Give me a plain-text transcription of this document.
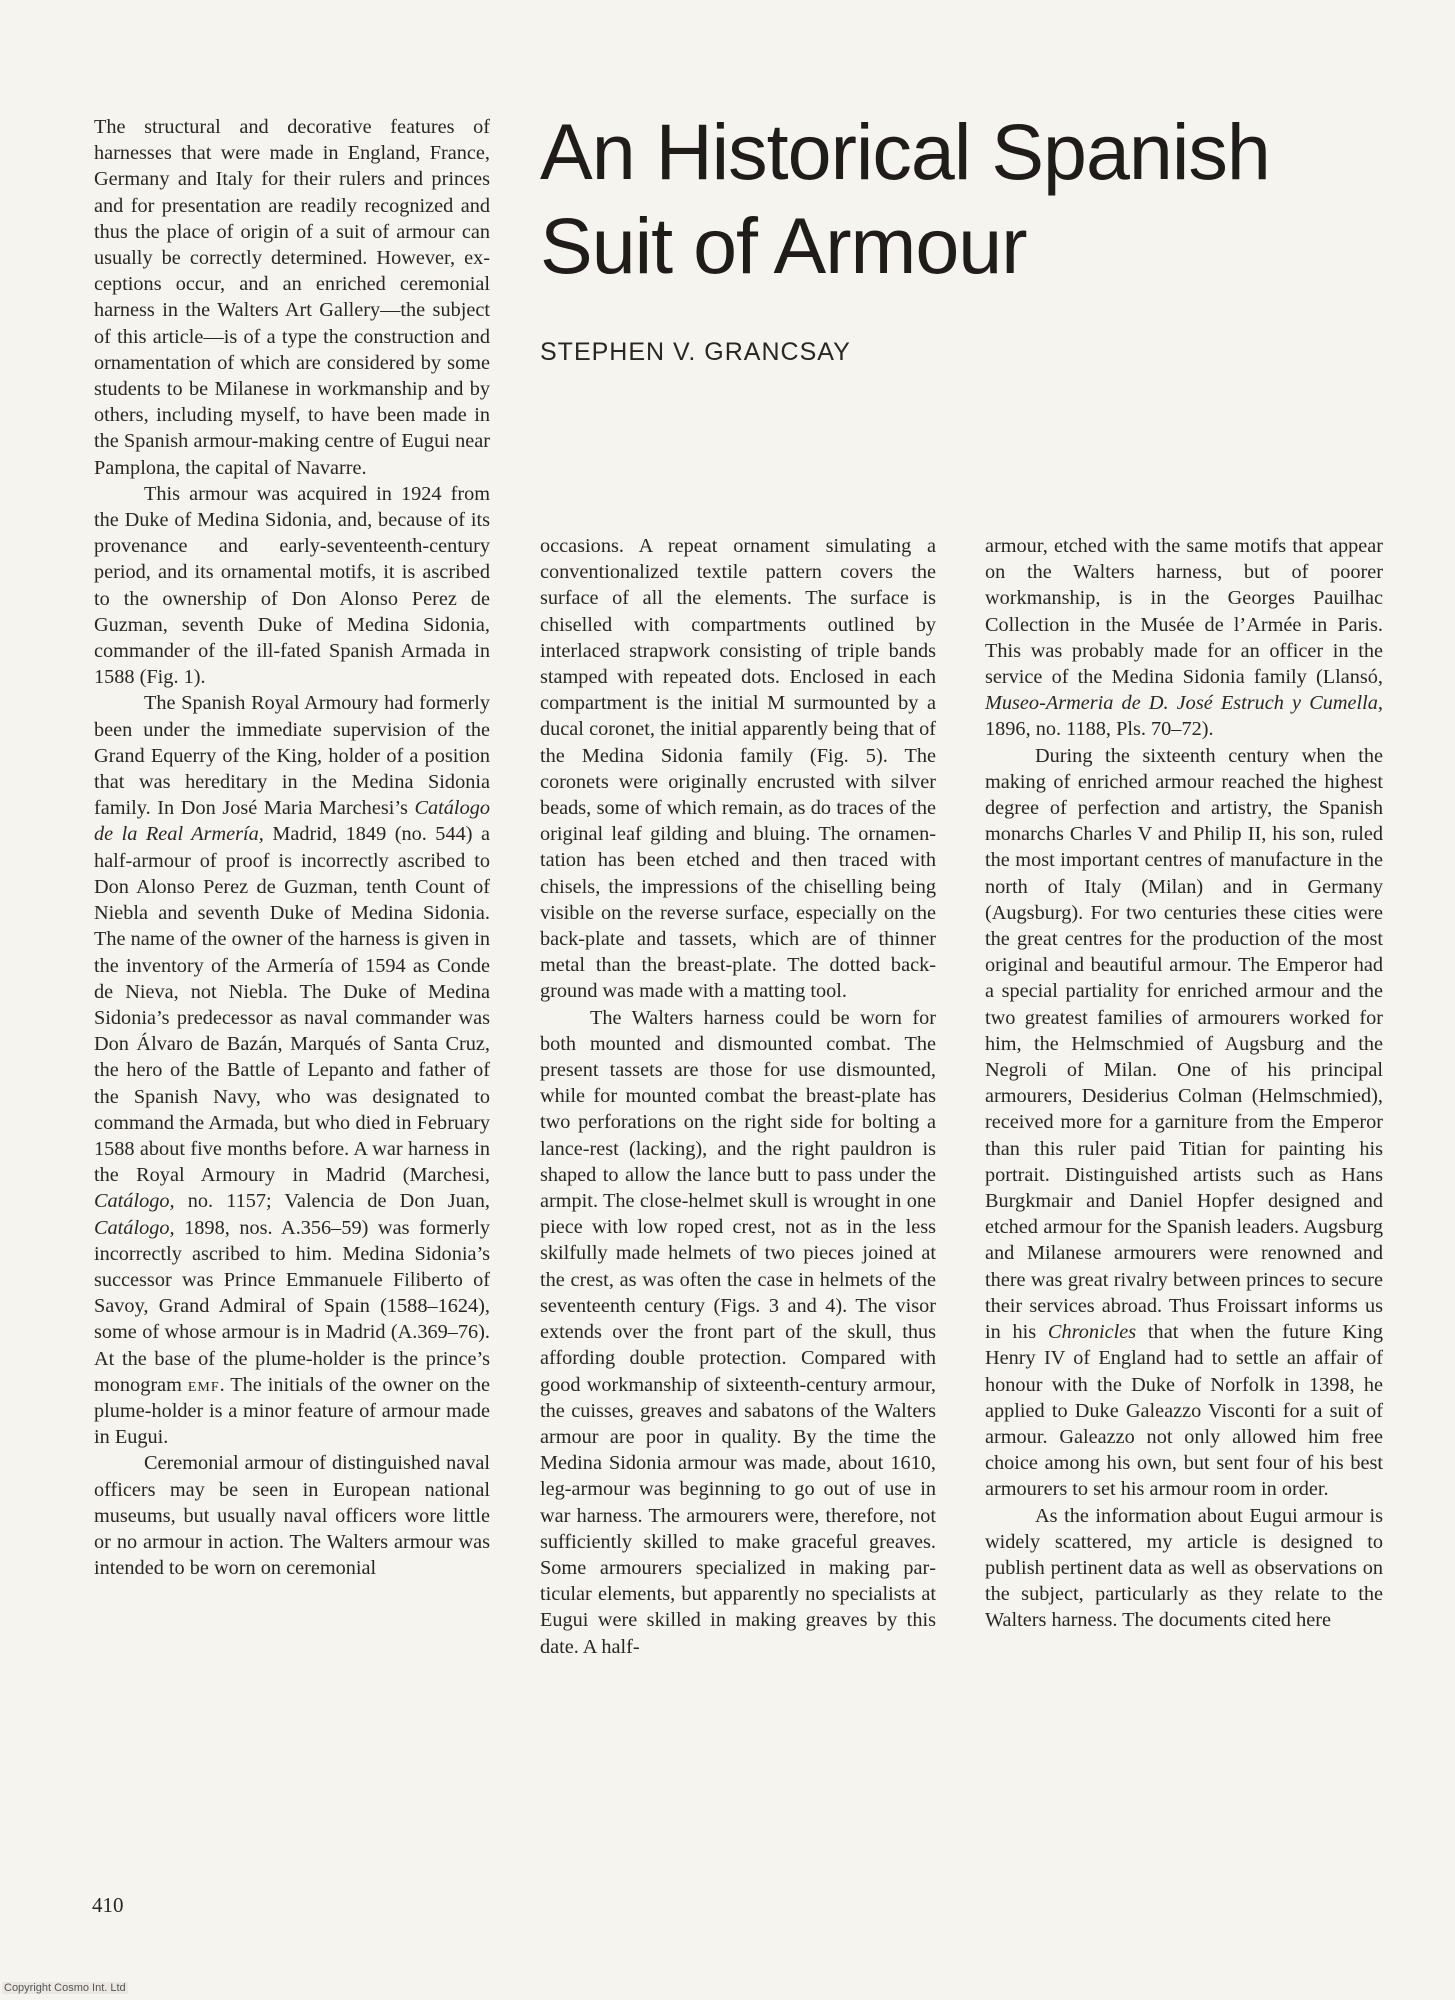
An Historical Spanish
Suit of Armour
STEPHEN V. GRANCSAY

The structural and decorative features of harnesses that were made in England, France, Germany and Italy for their rulers and princes and for presentation are readily recognized and thus the place of origin of a suit of armour can usually be correctly determined. However, exceptions occur, and an enriched ceremonial harness in the Walters Art Gallery—the subject of this article—is of a type the construction and ornamentation of which are considered by some students to be Milanese in workmanship and by others, including myself, to have been made in the Spanish armour-making centre of Eugui near Pamplona, the capital of Navarre.

This armour was acquired in 1924 from the Duke of Medina Sidonia, and, because of its provenance and early-seventeenth-century period, and its ornamental motifs, it is ascribed to the ownership of Don Alonso Perez de Guzman, seventh Duke of Medina Sidonia, commander of the ill-fated Spanish Armada in 1588 (Fig. 1).

The Spanish Royal Armoury had formerly been under the immediate supervision of the Grand Equerry of the King, holder of a position that was hereditary in the Medina Sidonia family. In Don José Maria Marchesi’s Catálogo de la Real Armería, Madrid, 1849 (no. 544) a half-armour of proof is incorrectly ascribed to Don Alonso Perez de Guzman, tenth Count of Niebla and seventh Duke of Medina Sidonia. The name of the owner of the harness is given in the inventory of the Armería of 1594 as Conde de Nieva, not Niebla. The Duke of Medina Sidonia’s predecessor as naval commander was Don Álvaro de Bazán, Marqués of Santa Cruz, the hero of the Battle of Lepanto and father of the Spanish Navy, who was designated to command the Armada, but who died in February 1588 about five months before. A war harness in the Royal Armoury in Madrid (Marchesi, Catálogo, no. 1157; Valencia de Don Juan, Catálogo, 1898, nos. A.356–59) was formerly incorrectly ascribed to him. Medina Sidonia’s successor was Prince Emmanuele Filiberto of Savoy, Grand Admiral of Spain (1588–1624), some of whose armour is in Madrid (A.369–76). At the base of the plume-holder is the prince’s monogram emf. The initials of the owner on the plume-holder is a minor feature of armour made in Eugui.

Ceremonial armour of distinguished naval officers may be seen in European national museums, but usually naval officers wore little or no armour in action. The Walters armour was intended to be worn on ceremonial

occasions. A repeat ornament simulating a conventionalized textile pattern covers the surface of all the elements. The surface is chiselled with compartments outlined by interlaced strapwork consisting of triple bands stamped with repeated dots. Enclosed in each compartment is the initial M surmounted by a ducal coronet, the initial apparently being that of the Medina Sidonia family (Fig. 5). The coronets were originally encrusted with silver beads, some of which remain, as do traces of the original leaf gilding and bluing. The ornamentation has been etched and then traced with chisels, the impressions of the chiselling being visible on the reverse surface, especially on the back-plate and tassets, which are of thinner metal than the breast-plate. The dotted background was made with a matting tool.

The Walters harness could be worn for both mounted and dismounted combat. The present tassets are those for use dismounted, while for mounted combat the breast-plate has two perforations on the right side for bolting a lance-rest (lacking), and the right pauldron is shaped to allow the lance butt to pass under the armpit. The close-helmet skull is wrought in one piece with low roped crest, not as in the less skilfully made helmets of two pieces joined at the crest, as was often the case in helmets of the seventeenth century (Figs. 3 and 4). The visor extends over the front part of the skull, thus affording double protection. Compared with good workmanship of sixteenth-century armour, the cuisses, greaves and sabatons of the Walters armour are poor in quality. By the time the Medina Sidonia armour was made, about 1610, leg-armour was beginning to go out of use in war harness. The armourers were, therefore, not sufficiently skilled to make graceful greaves. Some armourers specialized in making particular elements, but apparently no specialists at Eugui were skilled in making greaves by this date. A half-

armour, etched with the same motifs that appear on the Walters harness, but of poorer workmanship, is in the Georges Pauilhac Collection in the Musée de l’Armée in Paris. This was probably made for an officer in the service of the Medina Sidonia family (Llansó, Museo-Armeria de D. José Estruch y Cumella, 1896, no. 1188, Pls. 70–72).

During the sixteenth century when the making of enriched armour reached the highest degree of perfection and artistry, the Spanish monarchs Charles V and Philip II, his son, ruled the most important centres of manufacture in the north of Italy (Milan) and in Germany (Augsburg). For two centuries these cities were the great centres for the production of the most original and beautiful armour. The Emperor had a special partiality for enriched armour and the two greatest families of armourers worked for him, the Helmschmied of Augsburg and the Negroli of Milan. One of his principal armourers, Desiderius Colman (Helmschmied), received more for a garniture from the Emperor than this ruler paid Titian for painting his portrait. Distinguished artists such as Hans Burgkmair and Daniel Hopfer designed and etched armour for the Spanish leaders. Augsburg and Milanese armourers were renowned and there was great rivalry between princes to secure their services abroad. Thus Froissart informs us in his Chronicles that when the future King Henry IV of England had to settle an affair of honour with the Duke of Norfolk in 1398, he applied to Duke Galeazzo Visconti for a suit of armour. Galeazzo not only allowed him free choice among his own, but sent four of his best armourers to set his armour room in order.

As the information about Eugui armour is widely scattered, my article is designed to publish pertinent data as well as observations on the subject, particularly as they relate to the Walters harness. The documents cited here

410
Copyright Cosmo Int. Ltd
